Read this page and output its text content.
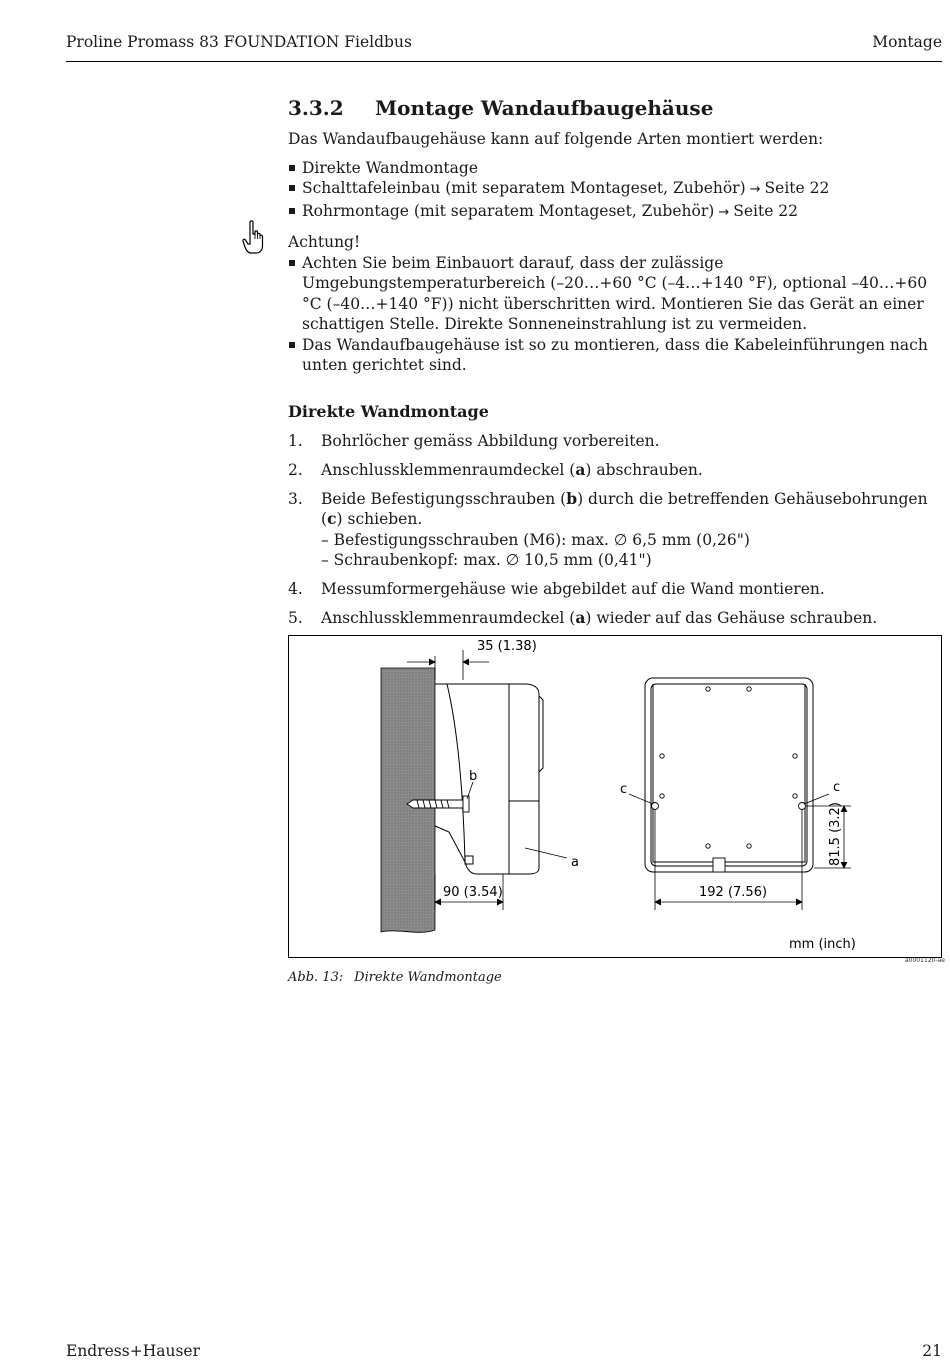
Proline Promass 83 FOUNDATION Fieldbus	Montage
3.3.2	Montage Wandaufbaugehäuse

Das Wandaufbaugehäuse kann auf folgende Arten montiert werden:

Direkte Wandmontage
Schalttafeleinbau (mit separatem Montageset, Zubehör) → Seite 22
Rohrmontage (mit separatem Montageset, Zubehör) → Seite 22

Achtung!

Achten Sie beim Einbauort darauf, dass der zulässige Umgebungstemperaturbereich (–20…+60 °C (–4…+140 °F), optional –40…+60 °C (–40…+140 °F)) nicht überschritten wird. Montieren Sie das Gerät an einer schattigen Stelle. Direkte Sonneneinstrahlung ist zu vermeiden.
Das Wandaufbaugehäuse ist so zu montieren, dass die Kabeleinführungen nach unten gerichtet sind.
Direkte Wandmontage
1. Bohrlöcher gemäss Abbildung vorbereiten.
2. Anschlussklemmenraumdeckel (a) abschrauben.
3. Beide Befestigungsschrauben (b) durch die betreffenden Gehäusebohrungen (c) schieben.
– Befestigungsschrauben (M6): max. ∅ 6,5 mm (0,26")
– Schraubenkopf: max. ∅ 10,5 mm (0,41")
4. Messumformergehäuse wie abgebildet auf die Wand montieren.
5. Anschlussklemmenraumdeckel (a) wieder auf das Gehäuse schrauben.
b
a
35 (1.38)
90 (3.54)
c	c
192 (7.56)
81.5 (3.2)
mm (inch)
a0001120-ae
Abb. 13: Direkte Wandmontage
Endress+Hauser	21
